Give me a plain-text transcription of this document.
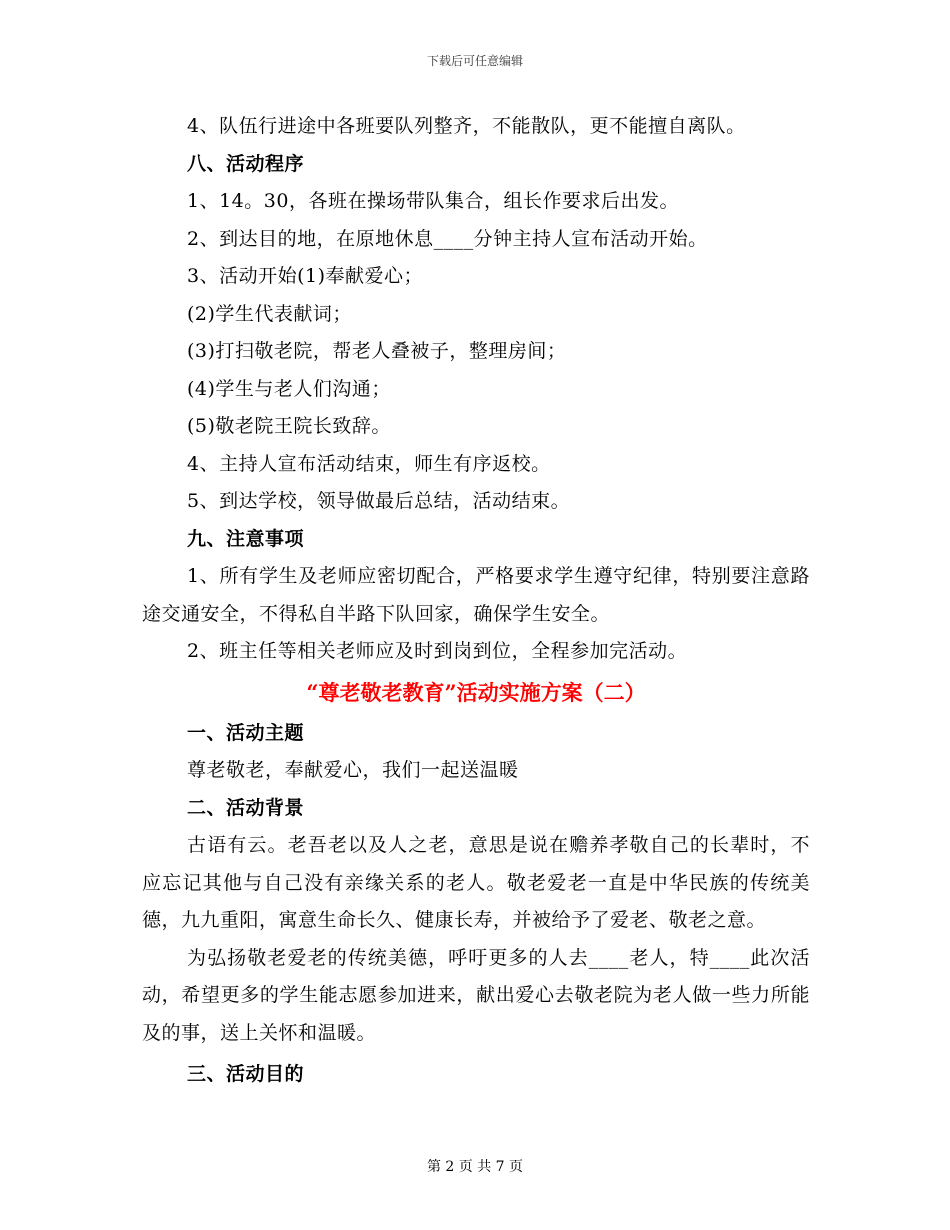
下载后可任意编辑
4、队伍行进途中各班要队列整齐，不能散队，更不能擅自离队。
八、活动程序
1、14。30，各班在操场带队集合，组长作要求后出发。
2、到达目的地，在原地休息____分钟主持人宣布活动开始。
3、活动开始(1)奉献爱心；
(2)学生代表献词；
(3)打扫敬老院，帮老人叠被子，整理房间；
(4)学生与老人们沟通；
(5)敬老院王院长致辞。
4、主持人宣布活动结束，师生有序返校。
5、到达学校，领导做最后总结，活动结束。
九、注意事项
1、所有学生及老师应密切配合，严格要求学生遵守纪律，特别要注意路途交通安全，不得私自半路下队回家，确保学生安全。
2、班主任等相关老师应及时到岗到位，全程参加完活动。
“尊老敬老教育”活动实施方案（二）
一、活动主题
尊老敬老，奉献爱心，我们一起送温暖
二、活动背景
古语有云。老吾老以及人之老，意思是说在赡养孝敬自己的长辈时，不应忘记其他与自己没有亲缘关系的老人。敬老爱老一直是中华民族的传统美德，九九重阳，寓意生命长久、健康长寿，并被给予了爱老、敬老之意。
为弘扬敬老爱老的传统美德，呼吁更多的人去____老人，特____此次活动，希望更多的学生能志愿参加进来，献出爱心去敬老院为老人做一些力所能及的事，送上关怀和温暖。
三、活动目的
第 2 页 共 7 页
